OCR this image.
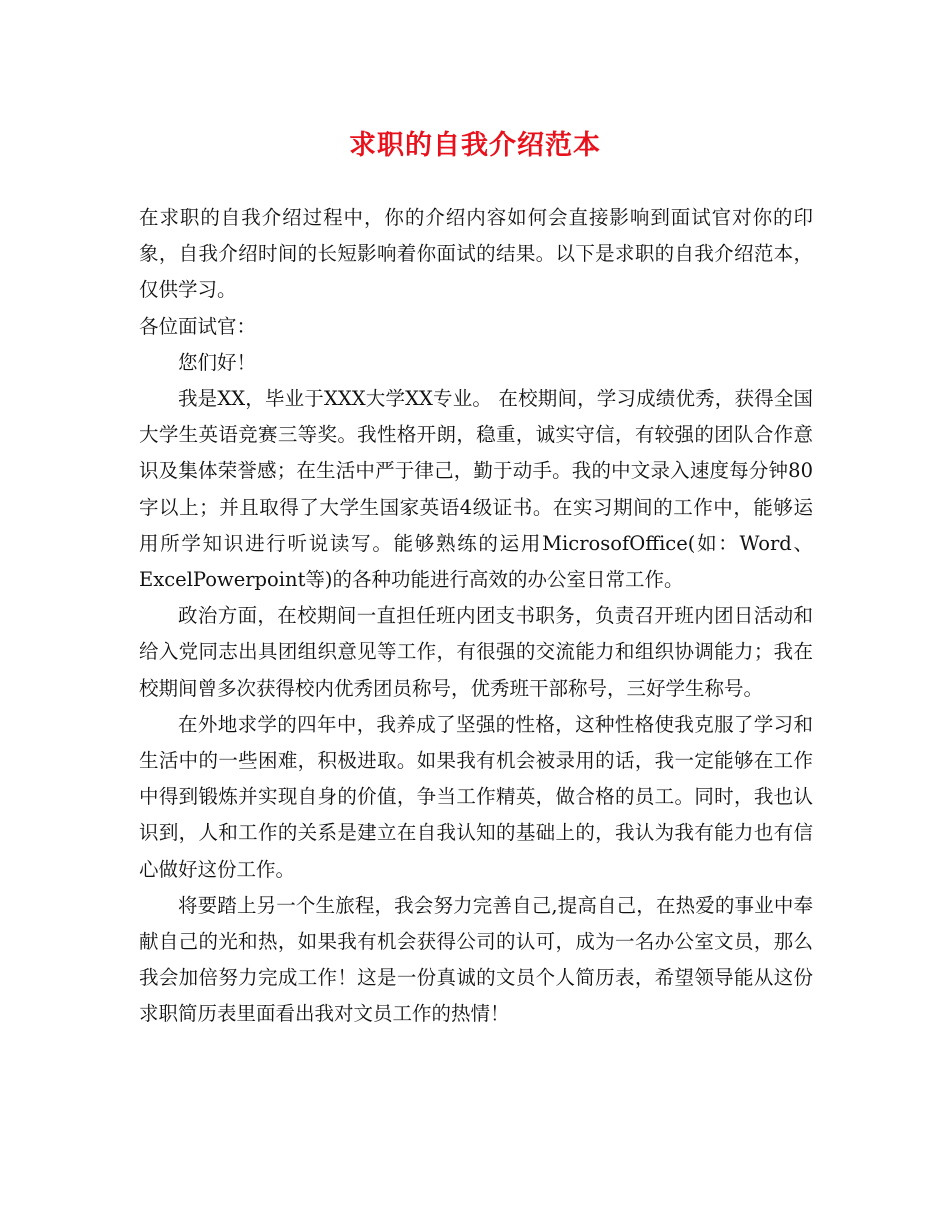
求职的自我介绍范本

在求职的自我介绍过程中，你的介绍内容如何会直接影响到面试官对你的印象，自我介绍时间的长短影响着你面试的结果。以下是求职的自我介绍范本，仅供学习。

各位面试官：

您们好！

我是XX，毕业于XXX大学XX专业。 在校期间，学习成绩优秀，获得全国大学生英语竞赛三等奖。我性格开朗，稳重，诚实守信，有较强的团队合作意识及集体荣誉感；在生活中严于律己，勤于动手。我的中文录入速度每分钟80字以上；并且取得了大学生国家英语4级证书。在实习期间的工作中，能够运用所学知识进行听说读写。能够熟练的运用MicrosofOffice(如：Word、ExcelPowerpoint等)的各种功能进行高效的办公室日常工作。

政治方面，在校期间一直担任班内团支书职务，负责召开班内团日活动和给入党同志出具团组织意见等工作，有很强的交流能力和组织协调能力；我在校期间曾多次获得校内优秀团员称号，优秀班干部称号，三好学生称号。

在外地求学的四年中，我养成了坚强的性格，这种性格使我克服了学习和生活中的一些困难，积极进取。如果我有机会被录用的话，我一定能够在工作中得到锻炼并实现自身的价值，争当工作精英，做合格的员工。同时，我也认识到，人和工作的关系是建立在自我认知的基础上的，我认为我有能力也有信心做好这份工作。

将要踏上另一个生旅程，我会努力完善自己,提高自己，在热爱的事业中奉献自己的光和热，如果我有机会获得公司的认可，成为一名办公室文员，那么我会加倍努力完成工作！这是一份真诚的文员个人简历表，希望领导能从这份求职简历表里面看出我对文员工作的热情！
